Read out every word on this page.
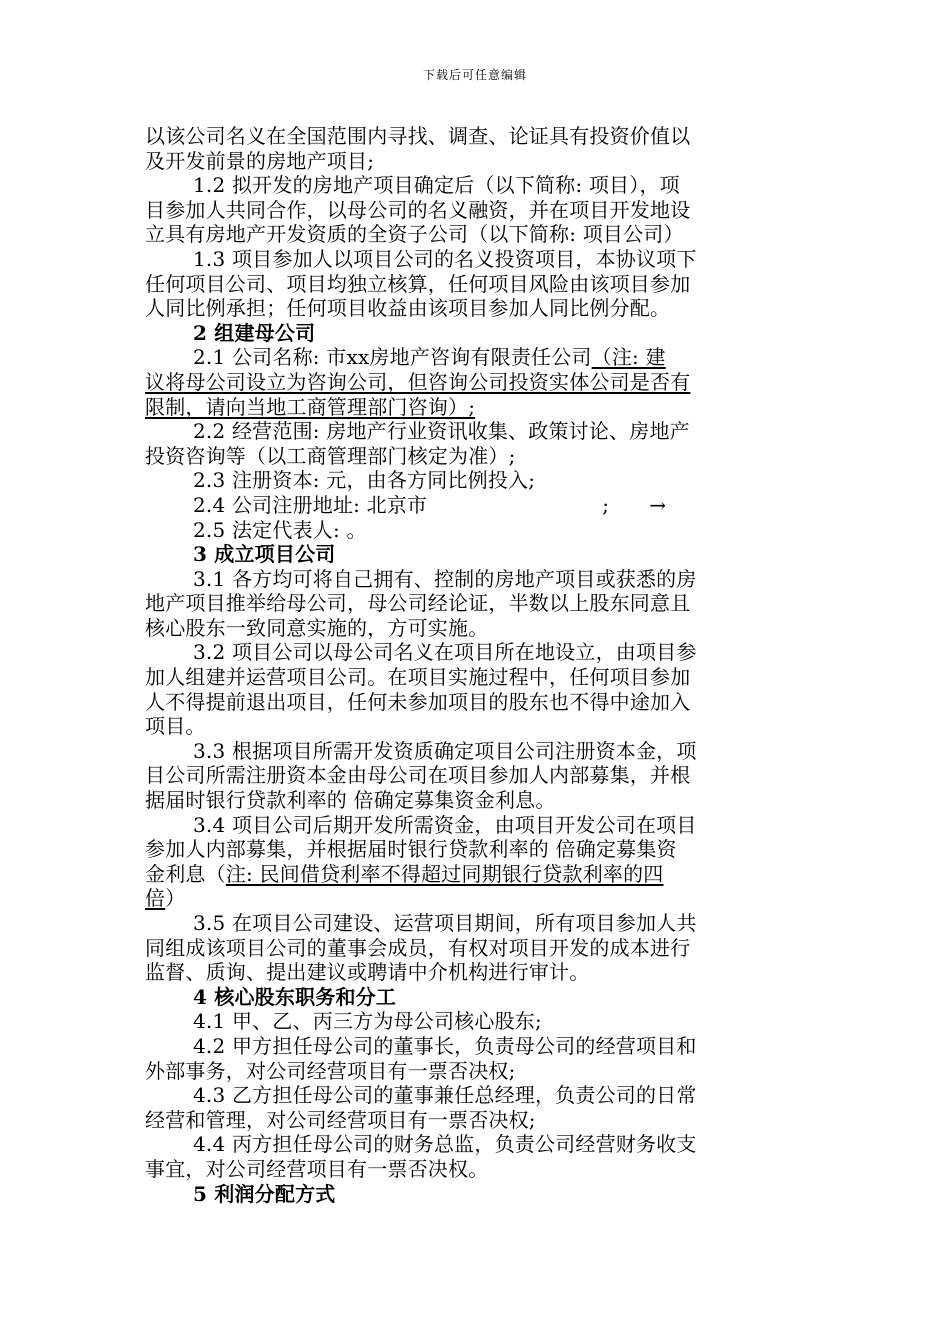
下载后可任意编辑
以该公司名义在全国范围内寻找、调查、论证具有投资价值以
及开发前景的房地产项目;
1.2 拟开发的房地产项目确定后（以下简称: 项目），项
目参加人共同合作，以母公司的名义融资，并在项目开发地设
立具有房地产开发资质的全资子公司（以下简称: 项目公司）
1.3 项目参加人以项目公司的名义投资项目，本协议项下
任何项目公司、项目均独立核算，任何项目风险由该项目参加
人同比例承担；任何项目收益由该项目参加人同比例分配。
2 组建母公司
2.1 公司名称: 市xx房地产咨询有限责任公司（注: 建
议将母公司设立为咨询公司，但咨询公司投资实体公司是否有
限制，请向当地工商管理部门咨询）;
2.2 经营范围: 房地产行业资讯收集、政策讨论、房地产
投资咨询等（以工商管理部门核定为准）;
2.3 注册资本: 元，由各方同比例投入;
2.4 公司注册地址: 北京市	; →
2.5 法定代表人: 。
3 成立项目公司
3.1 各方均可将自己拥有、控制的房地产项目或获悉的房
地产项目推举给母公司，母公司经论证，半数以上股东同意且
核心股东一致同意实施的，方可实施。
3.2 项目公司以母公司名义在项目所在地设立，由项目参
加人组建并运营项目公司。在项目实施过程中，任何项目参加
人不得提前退出项目，任何未参加项目的股东也不得中途加入
项目。
3.3 根据项目所需开发资质确定项目公司注册资本金，项
目公司所需注册资本金由母公司在项目参加人内部募集，并根
据届时银行贷款利率的 倍确定募集资金利息。
3.4 项目公司后期开发所需资金，由项目开发公司在项目
参加人内部募集，并根据届时银行贷款利率的 倍确定募集资
金利息（注: 民间借贷利率不得超过同期银行贷款利率的四
倍）
3.5 在项目公司建设、运营项目期间，所有项目参加人共
同组成该项目公司的董事会成员，有权对项目开发的成本进行
监督、质询、提出建议或聘请中介机构进行审计。
4 核心股东职务和分工
4.1 甲、乙、丙三方为母公司核心股东;
4.2 甲方担任母公司的董事长，负责母公司的经营项目和
外部事务，对公司经营项目有一票否决权;
4.3 乙方担任母公司的董事兼任总经理，负责公司的日常
经营和管理，对公司经营项目有一票否决权;
4.4 丙方担任母公司的财务总监，负责公司经营财务收支
事宜，对公司经营项目有一票否决权。
5 利润分配方式
